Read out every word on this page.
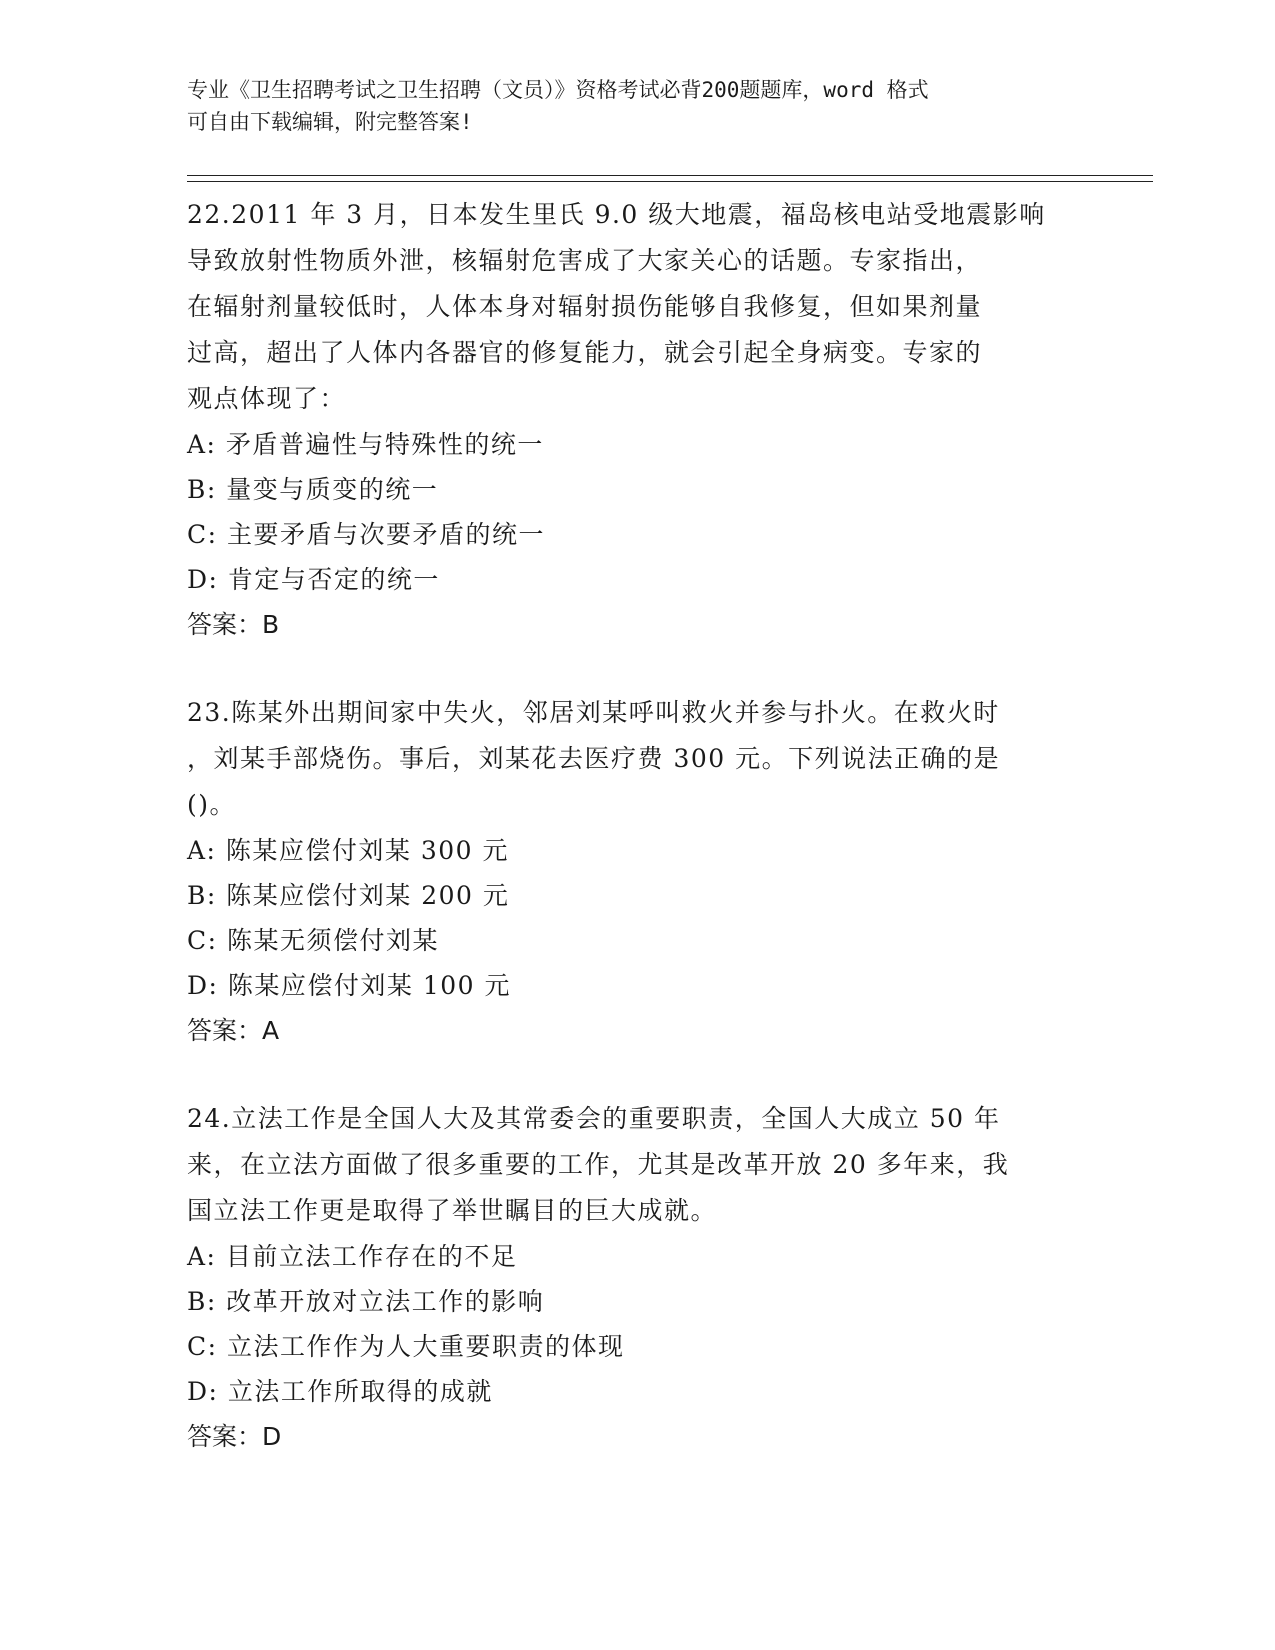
专业《卫生招聘考试之卫生招聘（文员）》资格考试必背200题题库，word 格式
可自由下载编辑，附完整答案!
22.2011 年 3 月，日本发生里氏 9.0 级大地震，福岛核电站受地震影响
导致放射性物质外泄，核辐射危害成了大家关心的话题。专家指出，
在辐射剂量较低时，人体本身对辐射损伤能够自我修复，但如果剂量
过高，超出了人体内各器官的修复能力，就会引起全身病变。专家的
观点体现了：
A: 矛盾普遍性与特殊性的统一
B: 量变与质变的统一
C: 主要矛盾与次要矛盾的统一
D: 肯定与否定的统一
答案：B
23.陈某外出期间家中失火，邻居刘某呼叫救火并参与扑火。在救火时
，刘某手部烧伤。事后，刘某花去医疗费 300 元。下列说法正确的是
()。
A: 陈某应偿付刘某 300 元
B: 陈某应偿付刘某 200 元
C: 陈某无须偿付刘某
D: 陈某应偿付刘某 100 元
答案：A
24.立法工作是全国人大及其常委会的重要职责，全国人大成立 50 年
来，在立法方面做了很多重要的工作，尤其是改革开放 20 多年来，我
国立法工作更是取得了举世瞩目的巨大成就。
A: 目前立法工作存在的不足
B: 改革开放对立法工作的影响
C: 立法工作作为人大重要职责的体现
D: 立法工作所取得的成就
答案：D
